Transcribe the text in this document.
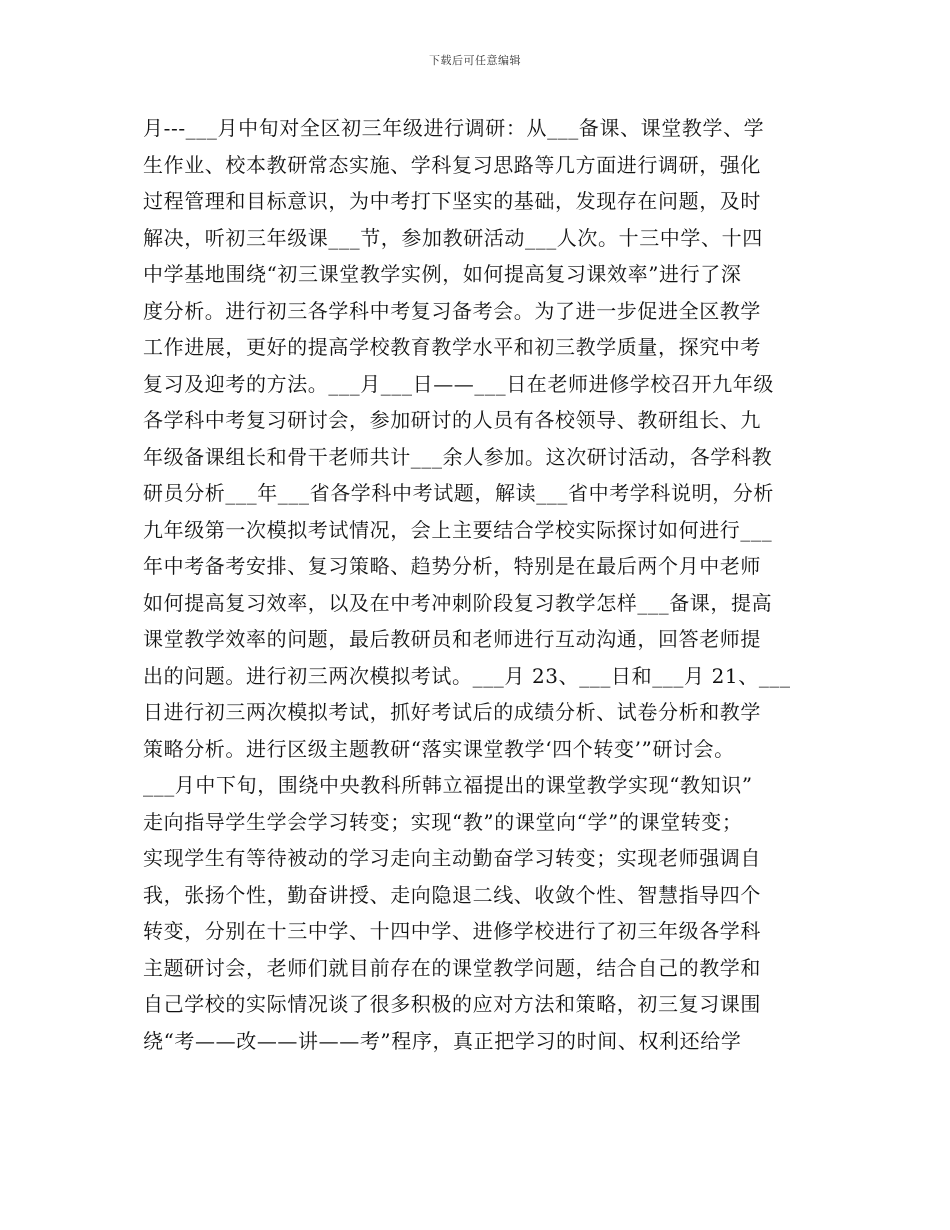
下载后可任意编辑
月---___月中旬对全区初三年级进行调研：从___备课、课堂教学、学
生作业、校本教研常态实施、学科复习思路等几方面进行调研，强化
过程管理和目标意识，为中考打下坚实的基础，发现存在问题，及时
解决，听初三年级课___节，参加教研活动___人次。十三中学、十四
中学基地围绕“初三课堂教学实例，如何提高复习课效率”进行了深
度分析。进行初三各学科中考复习备考会。为了进一步促进全区教学
工作进展，更好的提高学校教育教学水平和初三教学质量，探究中考
复习及迎考的方法。___月___日——___日在老师进修学校召开九年级
各学科中考复习研讨会，参加研讨的人员有各校领导、教研组长、九
年级备课组长和骨干老师共计___余人参加。这次研讨活动，各学科教
研员分析___年___省各学科中考试题，解读___省中考学科说明，分析
九年级第一次模拟考试情况，会上主要结合学校实际探讨如何进行___
年中考备考安排、复习策略、趋势分析，特别是在最后两个月中老师
如何提高复习效率，以及在中考冲刺阶段复习教学怎样___备课，提高
课堂教学效率的问题，最后教研员和老师进行互动沟通，回答老师提
出的问题。进行初三两次模拟考试。___月 23、___日和___月 21、___
日进行初三两次模拟考试，抓好考试后的成绩分析、试卷分析和教学
策略分析。进行区级主题教研“落实课堂教学‘四个转变’”研讨会。
___月中下旬，围绕中央教科所韩立福提出的课堂教学实现“教知识”
走向指导学生学会学习转变；实现“教”的课堂向“学”的课堂转变；
实现学生有等待被动的学习走向主动勤奋学习转变；实现老师强调自
我，张扬个性，勤奋讲授、走向隐退二线、收敛个性、智慧指导四个
转变，分别在十三中学、十四中学、进修学校进行了初三年级各学科
主题研讨会，老师们就目前存在的课堂教学问题，结合自己的教学和
自己学校的实际情况谈了很多积极的应对方法和策略，初三复习课围
绕“考——改——讲——考”程序，真正把学习的时间、权利还给学
